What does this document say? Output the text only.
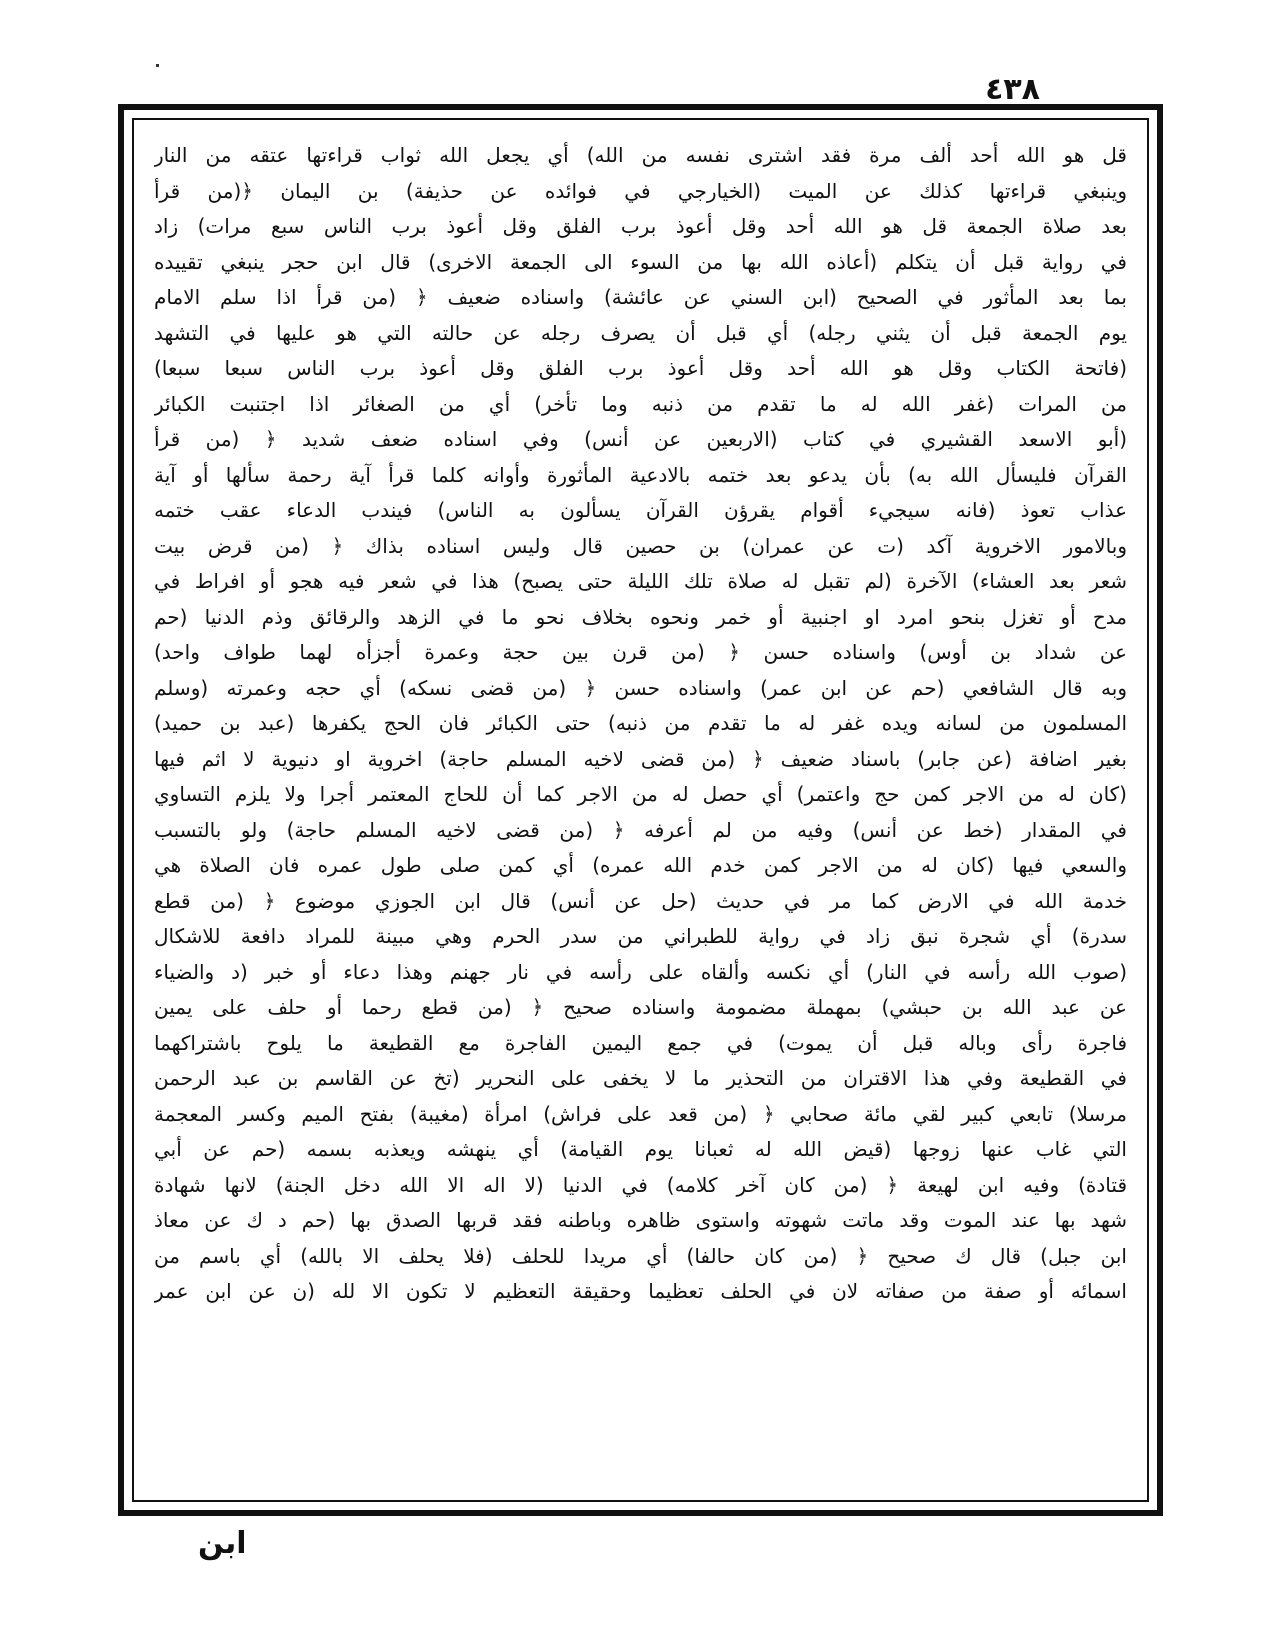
٤٣٨
قل هو الله أحد ألف مرة فقد اشترى نفسه من الله) أي يجعل الله ثواب قراءتها عتقه من النار
وينبغي قراءتها كذلك عن الميت (الخيارجي في فوائده عن حذيفة) بن اليمان ﴿(من قرأ
بعد صلاة الجمعة قل هو الله أحد وقل أعوذ برب الفلق وقل أعوذ برب الناس سبع مرات) زاد
في رواية قبل أن يتكلم (أعاذه الله بها من السوء الى الجمعة الاخرى) قال ابن حجر ينبغي تقييده
بما بعد المأثور في الصحيح (ابن السني عن عائشة) واسناده ضعيف ﴿ (من قرأ اذا سلم الامام
يوم الجمعة قبل أن يثني رجله) أي قبل أن يصرف رجله عن حالته التي هو عليها في التشهد
(فاتحة الكتاب وقل هو الله أحد وقل أعوذ برب الفلق وقل أعوذ برب الناس سبعا سبعا)
من المرات (غفر الله له ما تقدم من ذنبه وما تأخر) أي من الصغائر اذا اجتنبت الكبائر
(أبو الاسعد القشيري في كتاب (الاربعين عن أنس) وفي اسناده ضعف شديد ﴿ (من قرأ
القرآن فليسأل الله به) بأن يدعو بعد ختمه بالادعية المأثورة وأوانه كلما قرأ آية رحمة سألها أو آية
عذاب تعوذ (فانه سيجيء أقوام يقرؤن القرآن يسألون به الناس) فيندب الدعاء عقب ختمه
وبالامور الاخروية آكد (ت عن عمران) بن حصين قال وليس اسناده بذاك ﴿ (من قرض بيت
شعر بعد العشاء) الآخرة (لم تقبل له صلاة تلك الليلة حتى يصبح) هذا في شعر فيه هجو أو افراط في
مدح أو تغزل بنحو امرد او اجنبية أو خمر ونحوه بخلاف نحو ما في الزهد والرقائق وذم الدنيا (حم
عن شداد بن أوس) واسناده حسن ﴿ (من قرن بين حجة وعمرة أجزأه لهما طواف واحد)
وبه قال الشافعي (حم عن ابن عمر) واسناده حسن ﴿ (من قضى نسكه) أي حجه وعمرته (وسلم
المسلمون من لسانه ويده غفر له ما تقدم من ذنبه) حتى الكبائر فان الحج يكفرها (عبد بن حميد)
بغير اضافة (عن جابر) باسناد ضعيف ﴿ (من قضى لاخيه المسلم حاجة) اخروية او دنيوية لا اثم فيها
(كان له من الاجر كمن حج واعتمر) أي حصل له من الاجر كما أن للحاج المعتمر أجرا ولا يلزم التساوي
في المقدار (خط عن أنس) وفيه من لم أعرفه ﴿ (من قضى لاخيه المسلم حاجة) ولو بالتسبب
والسعي فيها (كان له من الاجر كمن خدم الله عمره) أي كمن صلى طول عمره فان الصلاة هي
خدمة الله في الارض كما مر في حديث (حل عن أنس) قال ابن الجوزي موضوع ﴿ (من قطع
سدرة) أي شجرة نبق زاد في رواية للطبراني من سدر الحرم وهي مبينة للمراد دافعة للاشكال
(صوب الله رأسه في النار) أي نكسه وألقاه على رأسه في نار جهنم وهذا دعاء أو خبر (د والضياء
عن عبد الله بن حبشي) بمهملة مضمومة واسناده صحيح ﴿ (من قطع رحما أو حلف على يمين
فاجرة رأى وباله قبل أن يموت) في جمع اليمين الفاجرة مع القطيعة ما يلوح باشتراكهما
في القطيعة وفي هذا الاقتران من التحذير ما لا يخفى على النحرير (تخ عن القاسم بن عبد الرحمن
مرسلا) تابعي كبير لقي مائة صحابي ﴿ (من قعد على فراش) امرأة (مغيبة) بفتح الميم وكسر المعجمة
التي غاب عنها زوجها (قيض الله له ثعبانا يوم القيامة) أي ينهشه ويعذبه بسمه (حم عن أبي
قتادة) وفيه ابن لهيعة ﴿ (من كان آخر كلامه) في الدنيا (لا اله الا الله دخل الجنة) لانها شهادة
شهد بها عند الموت وقد ماتت شهوته واستوى ظاهره وباطنه فقد قربها الصدق بها (حم د ك عن معاذ
ابن جبل) قال ك صحيح ﴿ (من كان حالفا) أي مريدا للحلف (فلا يحلف الا بالله) أي باسم من
اسمائه أو صفة من صفاته لان في الحلف تعظيما وحقيقة التعظيم لا تكون الا لله (ن عن ابن عمر
ابن
